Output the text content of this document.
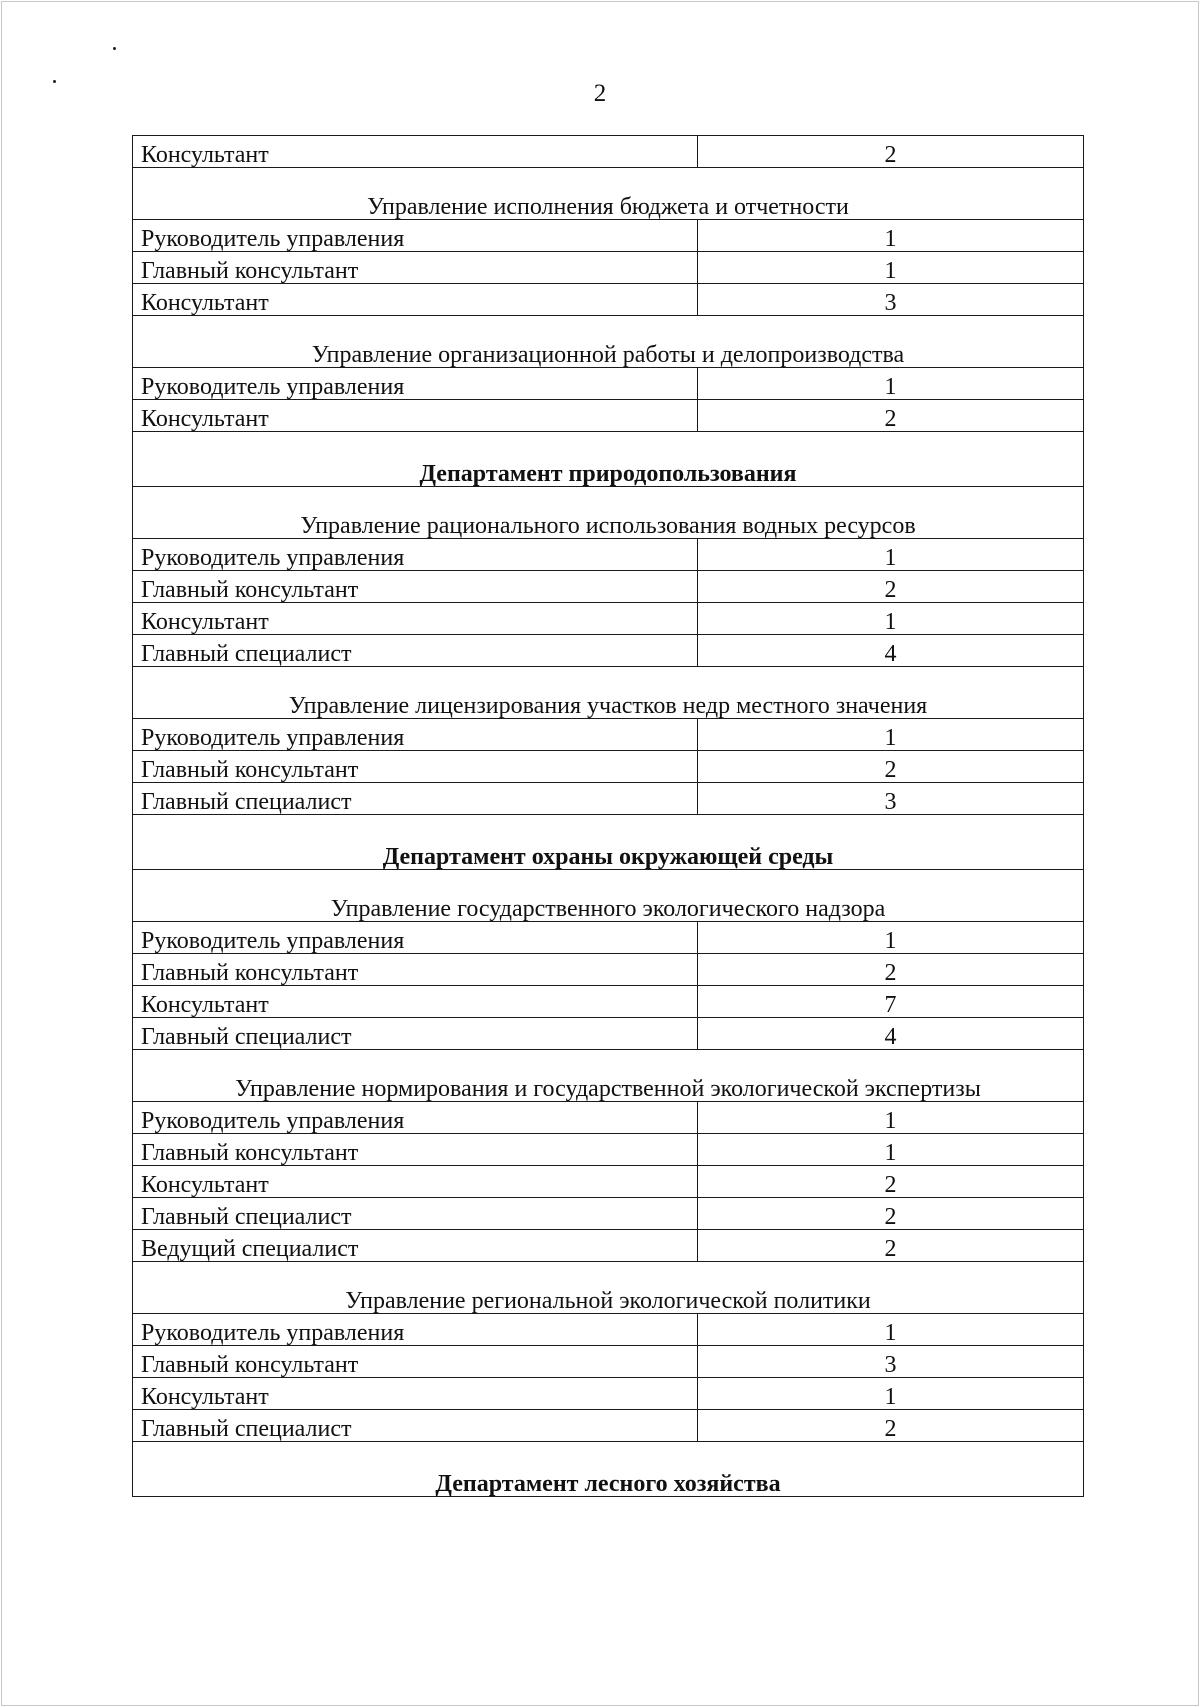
2
Консультант	2
Управление исполнения бюджета и отчетности	
Руководитель управления	1
Главный консультант	1
Консультант	3
Управление организационной работы и делопроизводства	
Руководитель управления	1
Консультант	2
Департамент природопользования	
Управление рационального использования водных ресурсов	
Руководитель управления	1
Главный консультант	2
Консультант	1
Главный специалист	4
Управление лицензирования участков недр местного значения	
Руководитель управления	1
Главный консультант	2
Главный специалист	3
Департамент охраны окружающей среды	
Управление государственного экологического надзора	
Руководитель управления	1
Главный консультант	2
Консультант	7
Главный специалист	4
Управление нормирования и государственной экологической экспертизы	
Руководитель управления	1
Главный консультант	1
Консультант	2
Главный специалист	2
Ведущий специалист	2
Управление региональной экологической политики	
Руководитель управления	1
Главный консультант	3
Консультант	1
Главный специалист	2
Департамент лесного хозяйства	
